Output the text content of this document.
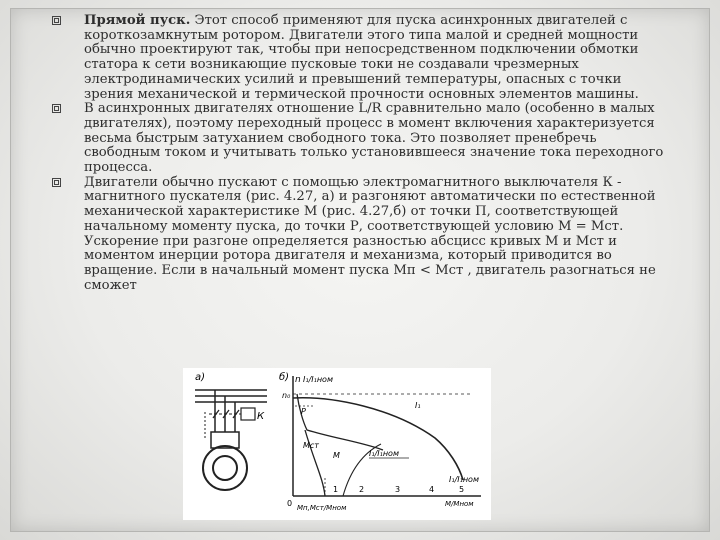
Прямой пуск. Этот способ применяют для пуска асинхронных двигателей с короткозамкнутым ротором. Двигатели этого типа малой и средней мощности обычно проектируют так, чтобы при непосредственном подключении обмотки статора к сети возникающие пусковые токи не создавали чрезмерных электродинамических усилий и превышений температуры, опасных с точки зрения механической и термической прочности основных элементов машины.
В асинхронных двигателях отношение L/R сравнительно мало (особенно в малых двигателях), поэтому переходный процесс в момент включения характеризуется весьма быстрым затуханием свободного тока. Это позволяет пренебречь свободным током и учитывать только установившееся значение тока переходного процесса.
Двигатели обычно пускают с помощью электромагнитного выключателя К - магнитного пускателя (рис. 4.27, а) и разгоняют автоматически по естественной механической характеристике М (рис. 4.27,б) от точки П, соответствующей начальному моменту пуска, до точки Р, соответствующей условию М = Мст. Ускорение при разгоне определяется разностью абсцисс кривых М и Мст и моментом инерции ротора двигателя и механизма, который приводится во вращение. Если в начальный момент пуска Мп < Мст , двигатель разогнаться не сможет
а)
К
б) n
n₀
I₁/I₁ном
Р
Мст
I₁
М	I₁/I₁ном
I₁/I₁ном
0
1	2	3	4	5
Мп,Мст/Мном	М/Мном
